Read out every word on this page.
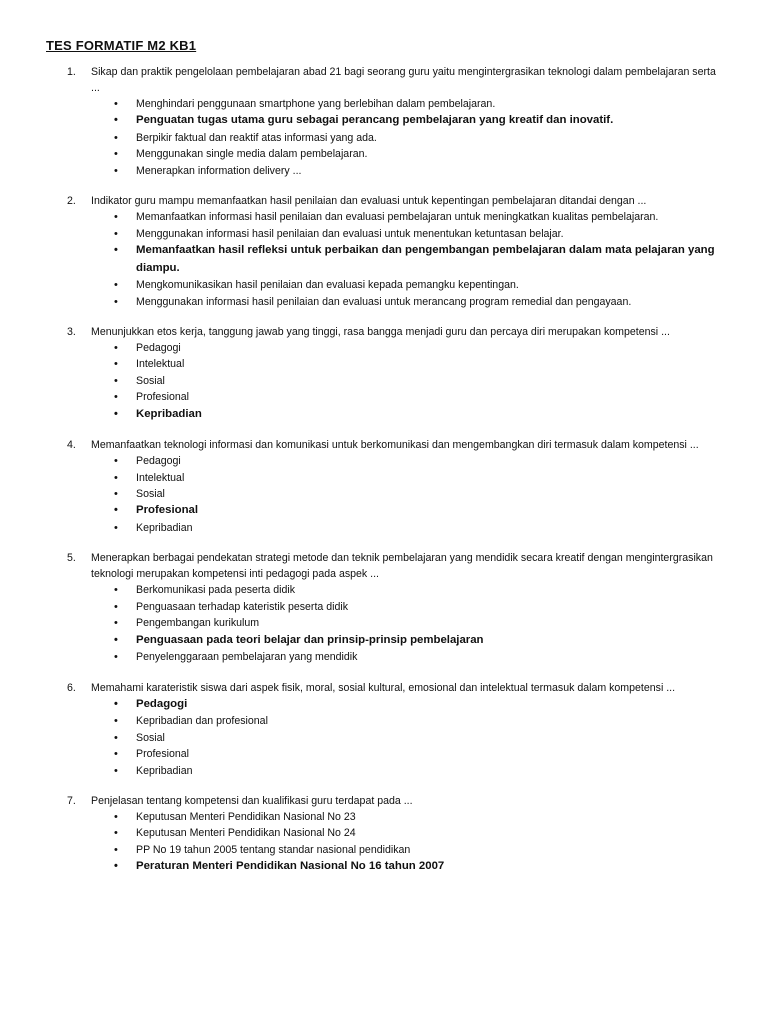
TES FORMATIF M2 KB1
1. Sikap dan praktik pengelolaan pembelajaran abad 21 bagi seorang guru yaitu mengintergrasikan teknologi dalam pembelajaran serta ...
• Menghindari penggunaan smartphone yang berlebihan dalam pembelajaran.
• Penguatan tugas utama guru sebagai perancang pembelajaran yang kreatif dan inovatif.
• Berpikir faktual dan reaktif atas informasi yang ada.
• Menggunakan single media dalam pembelajaran.
• Menerapkan information delivery ...
2. Indikator guru mampu memanfaatkan hasil penilaian dan evaluasi untuk kepentingan pembelajaran ditandai dengan ...
• Memanfaatkan informasi hasil penilaian dan evaluasi pembelajaran untuk meningkatkan kualitas pembelajaran.
• Menggunakan informasi hasil penilaian dan evaluasi untuk menentukan ketuntasan belajar.
• Memanfaatkan hasil refleksi untuk perbaikan dan pengembangan pembelajaran dalam mata pelajaran yang diampu.
• Mengkomunikasikan hasil penilaian dan evaluasi kepada pemangku kepentingan.
• Menggunakan informasi hasil penilaian dan evaluasi untuk merancang program remedial dan pengayaan.
3. Menunjukkan etos kerja, tanggung jawab yang tinggi, rasa bangga menjadi guru dan percaya diri merupakan kompetensi ...
• Pedagogi
• Intelektual
• Sosial
• Profesional
• Kepribadian
4. Memanfaatkan teknologi informasi dan komunikasi untuk berkomunikasi dan mengembangkan diri termasuk dalam kompetensi ...
• Pedagogi
• Intelektual
• Sosial
• Profesional
• Kepribadian
5. Menerapkan berbagai pendekatan strategi metode dan teknik pembelajaran yang mendidik secara kreatif dengan mengintergrasikan teknologi merupakan kompetensi inti pedagogi pada aspek ...
• Berkomunikasi pada peserta didik
• Penguasaan terhadap kateristik peserta didik
• Pengembangan kurikulum
• Penguasaan pada teori belajar dan prinsip-prinsip pembelajaran
• Penyelenggaraan pembelajaran yang mendidik
6. Memahami karateristik siswa dari aspek fisik, moral, sosial kultural, emosional dan intelektual termasuk dalam kompetensi ...
• Pedagogi
• Kepribadian dan profesional
• Sosial
• Profesional
• Kepribadian
7. Penjelasan tentang kompetensi dan kualifikasi guru terdapat pada ...
• Keputusan Menteri Pendidikan Nasional No 23
• Keputusan Menteri Pendidikan Nasional No 24
• PP No 19 tahun 2005 tentang standar nasional pendidikan
• Peraturan Menteri Pendidikan Nasional No 16 tahun 2007
